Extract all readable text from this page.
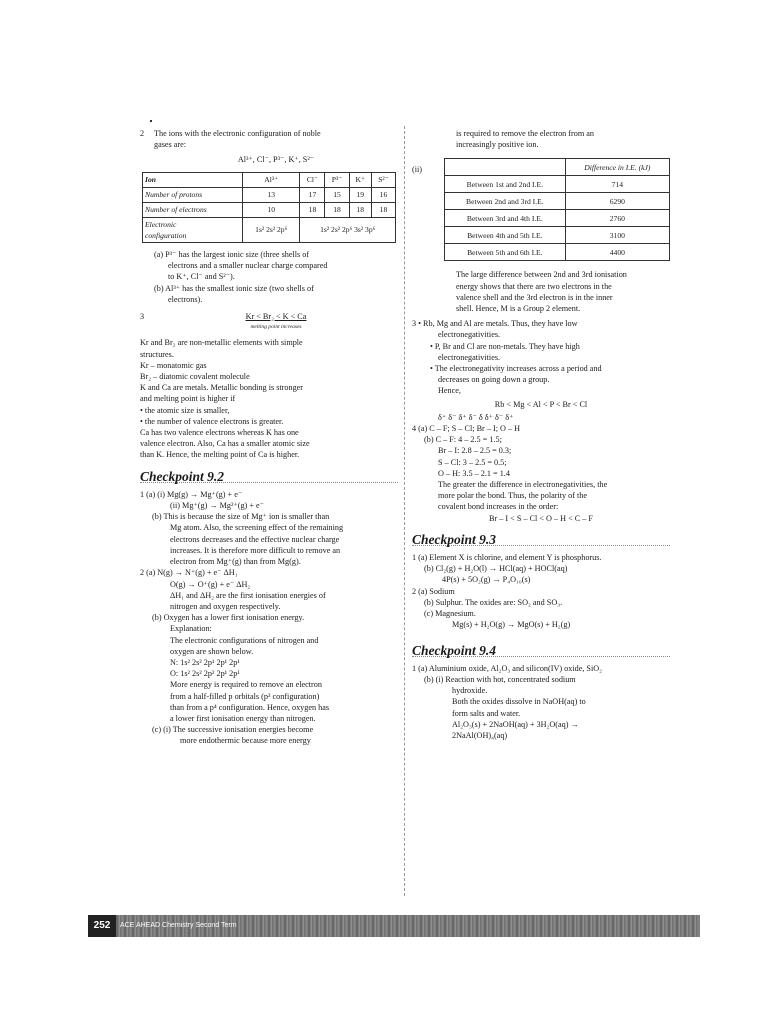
2	The ions with the electronic configuration of noble
gases are:
Al³⁺, Cl⁻, P³⁻, K⁺, S²⁻
Ion	Al³⁺	Cl⁻	P³⁻	K⁺	S²⁻
Number of protons	13	17	15	19	16
Number of electrons	10	18	18	18	18

Electronic
configuration	1s² 2s² 2p⁶	1s² 2s² 2p⁶ 3s² 3p⁶			
(a) P³⁻ has the largest ionic size (three shells of
electrons and a smaller nuclear charge compared
to K⁺, Cl⁻ and S²⁻).
(b) Al³⁺ has the smallest ionic size (two shells of
electrons).
3	Kr < Br₂ < K < Ca
melting point increases
Kr and Br₂ are non-metallic elements with simple
structures.
Kr – monatomic gas
Br₂ – diatomic covalent molecule
K and Ca are metals. Metallic bonding is stronger
and melting point is higher if
• the atomic size is smaller,
• the number of valence electrons is greater.
Ca has two valence electrons whereas K has one
valence electron. Also, Ca has a smaller atomic size
than K. Hence, the melting point of Ca is higher.
Checkpoint 9.2
1 (a) (i) Mg(g) → Mg⁺(g) + e⁻
(ii) Mg⁺(g) → Mg²⁺(g) + e⁻
(b) This is because the size of Mg⁺ ion is smaller than
Mg atom. Also, the screening effect of the remaining
electrons decreases and the effective nuclear charge
increases. It is therefore more difficult to remove an
electron from Mg⁺(g) than from Mg(g).
2 (a) N(g) → N⁺(g) + e⁻ ΔH₁
O(g) → O⁺(g) + e⁻ ΔH₂
ΔH₁ and ΔH₂ are the first ionisation energies of
nitrogen and oxygen respectively.
(b) Oxygen has a lower first ionisation energy.
Explanation:
The electronic configurations of nitrogen and
oxygen are shown below.
N: 1s² 2s² 2p¹ 2p¹ 2p¹
O: 1s² 2s² 2p² 2p¹ 2p¹
More energy is required to remove an electron
from a half-filled p orbitals (p³ configuration)
than from a p⁴ configuration. Hence, oxygen has
a lower first ionisation energy than nitrogen.
(c) (i) The successive ionisation energies become
more endothermic because more energy
is required to remove the electron from an
increasingly positive ion.
(ii)
		Difference in I.E. (kJ)
Between 1st and 2nd I.E.	714
Between 2nd and 3rd I.E.	6290
Between 3rd and 4th I.E.	2760
Between 4th and 5th I.E.	3100
Between 5th and 6th I.E.	4400
The large difference between 2nd and 3rd ionisation
energy shows that there are two electrons in the
valence shell and the 3rd electron is in the inner
shell. Hence, M is a Group 2 element.
3 • Rb, Mg and Al are metals. Thus, they have low
electronegativities.
• P, Br and Cl are non-metals. They have high
electronegativities.
• The electronegativity increases across a period and
decreases on going down a group.
Hence,
Rb < Mg < Al < P < Br < Cl
δ⁺ δ⁻ δ⁺ δ⁻ δ δ⁺ δ⁻ δ⁺
4 (a) C – F; S – Cl; Br – I; O – H
(b) C – F: 4 – 2.5 = 1.5;
Br – I: 2.8 – 2.5 = 0.3;
S – Cl: 3 – 2.5 = 0.5;
O – H: 3.5 – 2.1 = 1.4
The greater the difference in electronegativities, the
more polar the bond. Thus, the polarity of the
covalent bond increases in the order:
Br – I < S – Cl < O – H < C – F
Checkpoint 9.3
1 (a) Element X is chlorine, and element Y is phosphorus.
(b) Cl₂(g) + H₂O(l) → HCl(aq) + HOCl(aq)
4P(s) + 5O₂(g) → P₄O₁₀(s)
2 (a) Sodium
(b) Sulphur. The oxides are: SO₂ and SO₃.
(c) Magnesium.
Mg(s) + H₂O(g) → MgO(s) + H₂(g)
Checkpoint 9.4
1 (a) Aluminium oxide, Al₂O₃ and silicon(IV) oxide, SiO₂
(b) (i) Reaction with hot, concentrated sodium
hydroxide.
Both the oxides dissolve in NaOH(aq) to
form salts and water.
Al₂O₃(s) + 2NaOH(aq) + 3H₂O(aq) →
2NaAl(OH)₄(aq)
252	ACE AHEAD Chemistry Second Term
